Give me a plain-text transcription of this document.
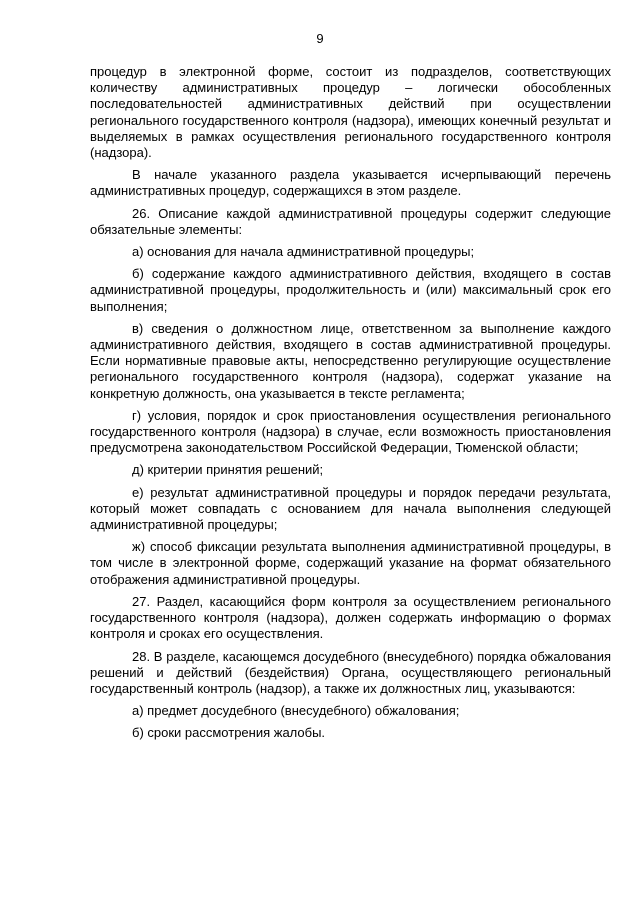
9

процедур в электронной форме, состоит из подразделов, соответствующих количеству административных процедур – логически обособленных последовательностей административных действий при осуществлении регионального государственного контроля (надзора), имеющих конечный результат и выделяемых в рамках осуществления регионального государственного контроля (надзора).

В начале указанного раздела указывается исчерпывающий перечень административных процедур, содержащихся в этом разделе.

26. Описание каждой административной процедуры содержит следующие обязательные элементы:

а) основания для начала административной процедуры;

б) содержание каждого административного действия, входящего в состав административной процедуры, продолжительность и (или) максимальный срок его выполнения;

в) сведения о должностном лице, ответственном за выполнение каждого административного действия, входящего в состав административной процедуры. Если нормативные правовые акты, непосредственно регулирующие осуществление регионального государственного контроля (надзора), содержат указание на конкретную должность, она указывается в тексте регламента;

г) условия, порядок и срок приостановления осуществления регионального государственного контроля (надзора) в случае, если возможность приостановления предусмотрена законодательством Российской Федерации, Тюменской области;

д) критерии принятия решений;

е) результат административной процедуры и порядок передачи результата, который может совпадать с основанием для начала выполнения следующей административной процедуры;

ж) способ фиксации результата выполнения административной процедуры, в том числе в электронной форме, содержащий указание на формат обязательного отображения административной процедуры.

27. Раздел, касающийся форм контроля за осуществлением регионального государственного контроля (надзора), должен содержать информацию о формах контроля и сроках его осуществления.

28. В разделе, касающемся досудебного (внесудебного) порядка обжалования решений и действий (бездействия) Органа, осуществляющего региональный государственный контроль (надзор), а также их должностных лиц, указываются:

а) предмет досудебного (внесудебного) обжалования;

б) сроки рассмотрения жалобы.
